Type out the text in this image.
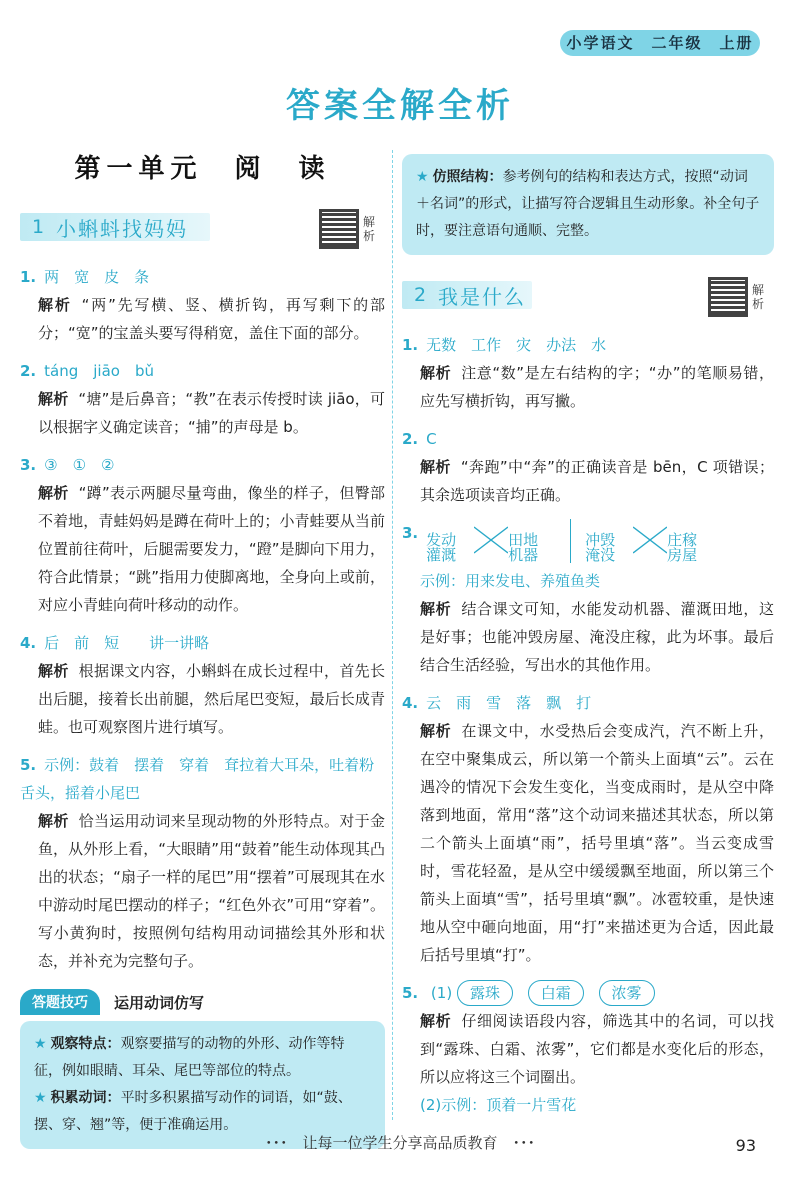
小学语文　二年级　上册
答案全解全析
第一单元　阅　读
1 小蝌蚪找妈妈	解析
1. 两　宽　皮　条
解析 “两”先写横、竖、横折钩，再写剩下的部分；“宽”的宝盖头要写得稍宽，盖住下面的部分。
2. táng　jiāo　bǔ
解析 “塘”是后鼻音；“教”在表示传授时读 jiāo，可以根据字义确定读音；“捕”的声母是 b。
3. ③　①　②
解析 “蹲”表示两腿尽量弯曲，像坐的样子，但臀部不着地，青蛙妈妈是蹲在荷叶上的；小青蛙要从当前位置前往荷叶，后腿需要发力，“蹬”是脚向下用力，符合此情景；“跳”指用力使脚离地，全身向上或前，对应小青蛙向荷叶移动的动作。
4. 后　前　短　　讲一讲略
解析 根据课文内容，小蝌蚪在成长过程中，首先长出后腿，接着长出前腿，然后尾巴变短，最后长成青蛙。也可观察图片进行填写。
5. 示例：鼓着　摆着　穿着　耷拉着大耳朵，吐着粉舌头，摇着小尾巴
解析 恰当运用动词来呈现动物的外形特点。对于金鱼，从外形上看，“大眼睛”用“鼓着”能生动体现其凸出的状态；“扇子一样的尾巴”用“摆着”可展现其在水中游动时尾巴摆动的样子；“红色外衣”可用“穿着”。写小黄狗时，按照例句结构用动词描绘其外形和状态，并补充为完整句子。
答题技巧	运用动词仿写
★ 观察特点：观察要描写的动物的外形、动作等特征，例如眼睛、耳朵、尾巴等部位的特点。
★ 积累动词：平时多积累描写动作的词语，如“鼓、摆、穿、翘”等，便于准确运用。
★ 仿照结构：参考例句的结构和表达方式，按照“动词＋名词”的形式，让描写符合逻辑且生动形象。补全句子时，要注意语句通顺、完整。
2 我是什么	解析
1. 无数　工作　灾　办法　水
解析 注意“数”是左右结构的字；“办”的笔顺易错，应先写横折钩，再写撇。
2. C
解析 “奔跑”中“奔”的正确读音是 bēn，C 项错误；其余选项读音均正确。
3. 发动	田地
灌溉	机器
冲毁	庄稼
淹没	房屋
示例：用来发电、养殖鱼类
解析 结合课文可知，水能发动机器、灌溉田地，这是好事；也能冲毁房屋、淹没庄稼，此为坏事。最后结合生活经验，写出水的其他作用。
4. 云　雨　雪　落　飘　打
解析 在课文中，水受热后会变成汽，汽不断上升，在空中聚集成云，所以第一个箭头上面填“云”。云在遇冷的情况下会发生变化，当变成雨时，是从空中降落到地面，常用“落”这个动词来描述其状态，所以第二个箭头上面填“雨”，括号里填“落”。当云变成雪时，雪花轻盈，是从空中缓缓飘至地面，所以第三个箭头上面填“雪”，括号里填“飘”。冰雹较重，是快速地从空中砸向地面，用“打”来描述更为合适，因此最后括号里填“打”。
5. (1) 露珠	白霜	浓雾
解析 仔细阅读语段内容，筛选其中的名词，可以找到“露珠、白霜、浓雾”，它们都是水变化后的形态，所以应将这三个词圈出。
(2)示例：顶着一片雪花
･･･　让每一位学生分享高品质教育　･･･	93
